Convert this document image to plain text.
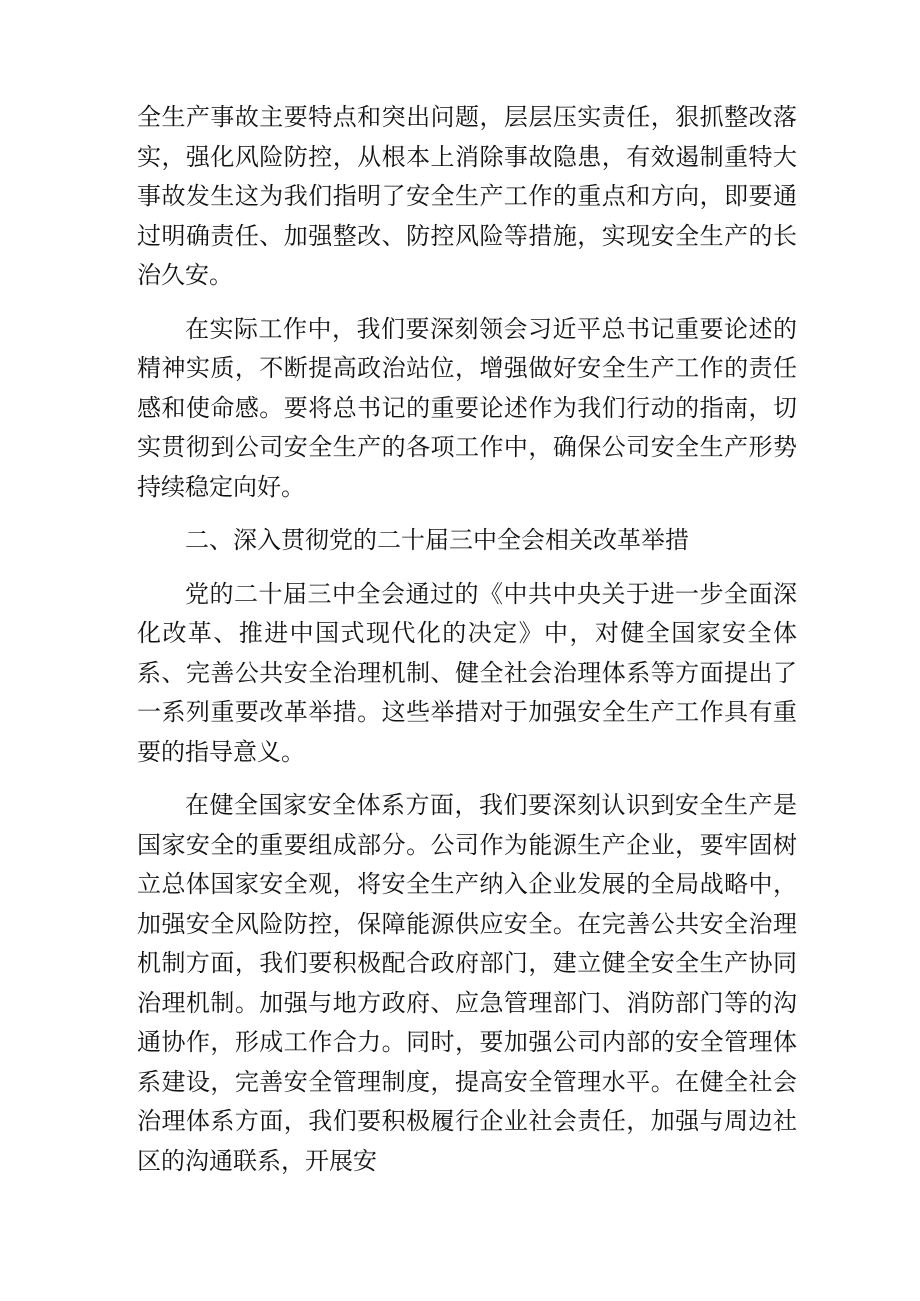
全生产事故主要特点和突出问题，层层压实责任，狠抓整改落实，强化风险防控，从根本上消除事故隐患，有效遏制重特大事故发生这为我们指明了安全生产工作的重点和方向，即要通过明确责任、加强整改、防控风险等措施，实现安全生产的长治久安。

在实际工作中，我们要深刻领会习近平总书记重要论述的精神实质，不断提高政治站位，增强做好安全生产工作的责任感和使命感。要将总书记的重要论述作为我们行动的指南，切实贯彻到公司安全生产的各项工作中，确保公司安全生产形势持续稳定向好。

二、深入贯彻党的二十届三中全会相关改革举措

党的二十届三中全会通过的《中共中央关于进一步全面深化改革、推进中国式现代化的决定》中，对健全国家安全体系、完善公共安全治理机制、健全社会治理体系等方面提出了一系列重要改革举措。这些举措对于加强安全生产工作具有重要的指导意义。

在健全国家安全体系方面，我们要深刻认识到安全生产是国家安全的重要组成部分。公司作为能源生产企业，要牢固树立总体国家安全观，将安全生产纳入企业发展的全局战略中，加强安全风险防控，保障能源供应安全。在完善公共安全治理机制方面，我们要积极配合政府部门，建立健全安全生产协同治理机制。加强与地方政府、应急管理部门、消防部门等的沟通协作，形成工作合力。同时，要加强公司内部的安全管理体系建设，完善安全管理制度，提高安全管理水平。在健全社会治理体系方面，我们要积极履行企业社会责任，加强与周边社区的沟通联系，开展安
